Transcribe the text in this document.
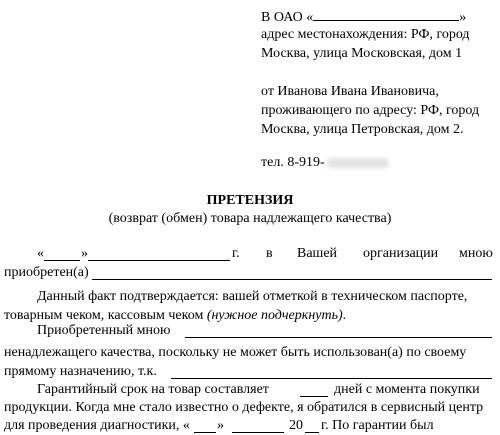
В ОАО «	»
адрес местонахождения: РФ, город
Москва, улица Московская, дом 1
от Иванова Ивана Ивановича,
проживающего по адресу: РФ, город
Москва, улица Петровская, дом 2.
тел. 8-919-
ПРЕТЕНЗИЯ
(возврат (обмен) товара надлежащего качества)
«	»	г. в Вашей организации мною
приобретен(а)
Данный факт подтверждается: вашей отметкой в техническом паспорте,
товарным чеком, кассовым чеком (нужное подчеркнуть).
Приобретенный мною
ненадлежащего качества, поскольку не может быть использован(а) по своему
прямому назначению, т.к.
Гарантийный срок на товар составляет	дней с момента покупки
продукции. Когда мне стало известно о дефекте, я обратился в сервисный центр
для проведения диагностики, « »	20 г. По гарантии был
